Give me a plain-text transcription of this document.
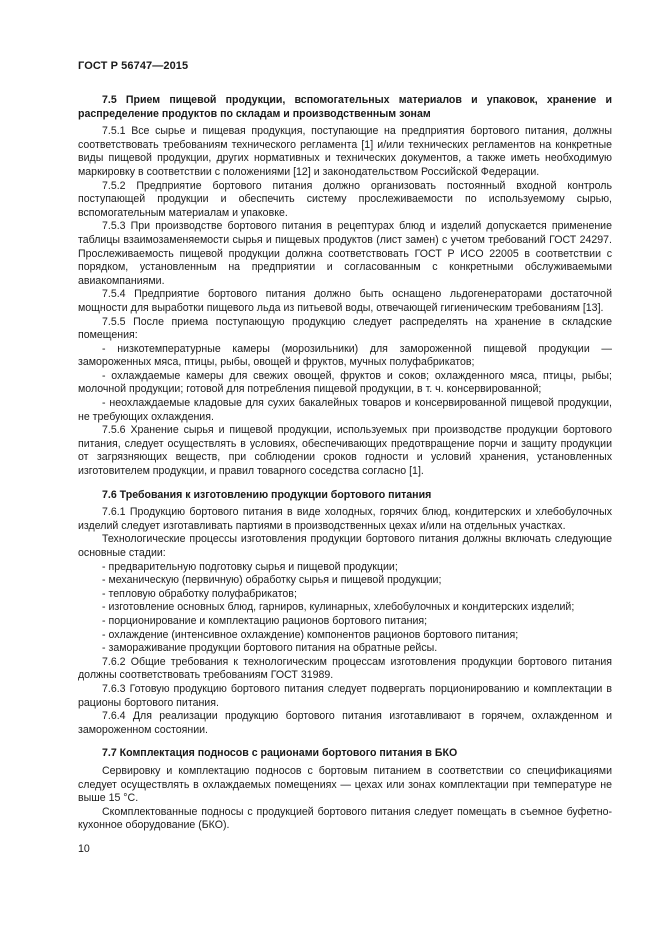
ГОСТ Р 56747—2015

7.5 Прием пищевой продукции, вспомогательных материалов и упаковок, хранение и распределение продуктов по складам и производственным зонам

7.5.1 Все сырье и пищевая продукция, поступающие на предприятия бортового питания, должны соответствовать требованиям технического регламента [1] и/или технических регламентов на конкретные виды пищевой продукции, других нормативных и технических документов, а также иметь необходимую маркировку в соответствии с положениями [12] и законодательством Российской Федерации.

7.5.2 Предприятие бортового питания должно организовать постоянный входной контроль поступающей продукции и обеспечить систему прослеживаемости по используемому сырью, вспомогательным материалам и упаковке.

7.5.3 При производстве бортового питания в рецептурах блюд и изделий допускается применение таблицы взаимозаменяемости сырья и пищевых продуктов (лист замен) с учетом требований ГОСТ 24297. Прослеживаемость пищевой продукции должна соответствовать ГОСТ Р ИСО 22005 в соответствии с порядком, установленным на предприятии и согласованным с конкретными обслуживаемыми авиакомпаниями.

7.5.4 Предприятие бортового питания должно быть оснащено льдогенераторами достаточной мощности для выработки пищевого льда из питьевой воды, отвечающей гигиеническим требованиям [13].

7.5.5 После приема поступающую продукцию следует распределять на хранение в складские помещения:

- низкотемпературные камеры (морозильники) для замороженной пищевой продукции — замороженных мяса, птицы, рыбы, овощей и фруктов, мучных полуфабрикатов;

- охлаждаемые камеры для свежих овощей, фруктов и соков; охлажденного мяса, птицы, рыбы; молочной продукции; готовой для потребления пищевой продукции, в т. ч. консервированной;

- неохлаждаемые кладовые для сухих бакалейных товаров и консервированной пищевой продукции, не требующих охлаждения.

7.5.6 Хранение сырья и пищевой продукции, используемых при производстве продукции бортового питания, следует осуществлять в условиях, обеспечивающих предотвращение порчи и защиту продукции от загрязняющих веществ, при соблюдении сроков годности и условий хранения, установленных изготовителем продукции, и правил товарного соседства согласно [1].

7.6 Требования к изготовлению продукции бортового питания

7.6.1 Продукцию бортового питания в виде холодных, горячих блюд, кондитерских и хлебобулочных изделий следует изготавливать партиями в производственных цехах и/или на отдельных участках.

Технологические процессы изготовления продукции бортового питания должны включать следующие основные стадии:

- предварительную подготовку сырья и пищевой продукции;

- механическую (первичную) обработку сырья и пищевой продукции;

- тепловую обработку полуфабрикатов;

- изготовление основных блюд, гарниров, кулинарных, хлебобулочных и кондитерских изделий;

- порционирование и комплектацию рационов бортового питания;

- охлаждение (интенсивное охлаждение) компонентов рационов бортового питания;

- замораживание продукции бортового питания на обратные рейсы.

7.6.2 Общие требования к технологическим процессам изготовления продукции бортового питания должны соответствовать требованиям ГОСТ 31989.

7.6.3 Готовую продукцию бортового питания следует подвергать порционированию и комплектации в рационы бортового питания.

7.6.4 Для реализации продукцию бортового питания изготавливают в горячем, охлажденном и замороженном состоянии.

7.7 Комплектация подносов с рационами бортового питания в БКО

Сервировку и комплектацию подносов с бортовым питанием в соответствии со спецификациями следует осуществлять в охлаждаемых помещениях — цехах или зонах комплектации при температуре не выше 15 °С.

Скомплектованные подносы с продукцией бортового питания следует помещать в съемное буфетно-кухонное оборудование (БКО).

10
